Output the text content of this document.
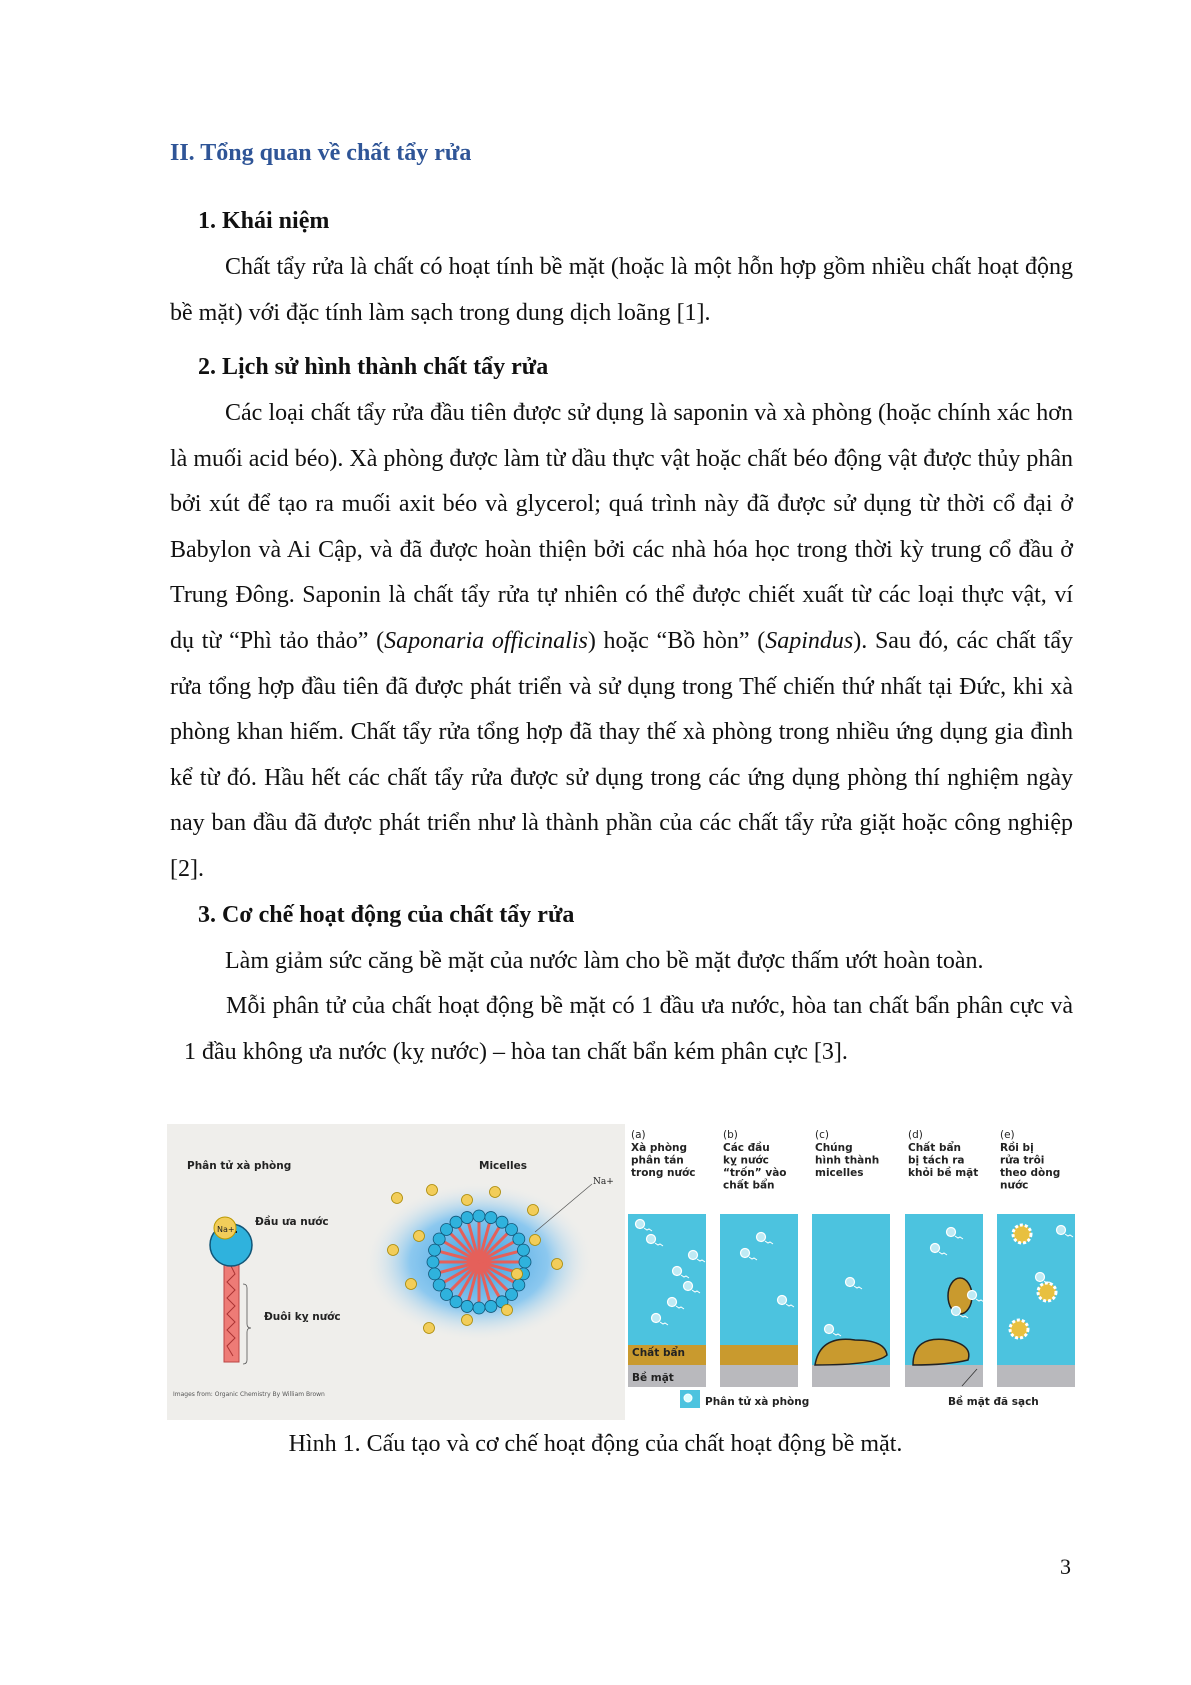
II. Tổng quan về chất tẩy rửa
1. Khái niệm
Chất tẩy rửa là chất có hoạt tính bề mặt (hoặc là một hỗn hợp gồm nhiều chất hoạt động bề mặt) với đặc tính làm sạch trong dung dịch loãng [1].
2. Lịch sử hình thành chất tẩy rửa
Các loại chất tẩy rửa đầu tiên được sử dụng là saponin và xà phòng (hoặc chính xác hơn là muối acid béo). Xà phòng được làm từ dầu thực vật hoặc chất béo động vật được thủy phân bởi xút để tạo ra muối axit béo và glycerol; quá trình này đã được sử dụng từ thời cổ đại ở Babylon và Ai Cập, và đã được hoàn thiện bởi các nhà hóa học trong thời kỳ trung cổ đầu ở Trung Đông. Saponin là chất tẩy rửa tự nhiên có thể được chiết xuất từ các loại thực vật, ví dụ từ “Phì tảo thảo” (Saponaria officinalis) hoặc “Bồ hòn” (Sapindus). Sau đó, các chất tẩy rửa tổng hợp đầu tiên đã được phát triển và sử dụng trong Thế chiến thứ nhất tại Đức, khi xà phòng khan hiếm. Chất tẩy rửa tổng hợp đã thay thế xà phòng trong nhiều ứng dụng gia đình kể từ đó. Hầu hết các chất tẩy rửa được sử dụng trong các ứng dụng phòng thí nghiệm ngày nay ban đầu đã được phát triển như là thành phần của các chất tẩy rửa giặt hoặc công nghiệp [2].
3. Cơ chế hoạt động của chất tẩy rửa
Làm giảm sức căng bề mặt của nước làm cho bề mặt được thấm ướt hoàn toàn.
Mỗi phân tử của chất hoạt động bề mặt có 1 đầu ưa nước, hòa tan chất bẩn phân cực và 1 đầu không ưa nước (kỵ nước) – hòa tan chất bẩn kém phân cực [3].
Phân tử xà phòng	Micelles
Na+
Đầu ưa nước
Đuôi kỵ nước
Images from: Organic Chemistry By William Brown
Na+
(a)
Xà phòng
phân tán
trong nước
(b)
Các đầu
kỵ nước
“trốn” vào
chất bẩn
(c)
Chúng
hình thành
micelles
(d)
Chất bẩn
bị tách ra
khỏi bề mặt
(e)
Rồi bị
rửa trôi
theo dòng
nước
Chất bẩn
Bề mặt
Phân tử xà phòng	Bề mặt đã sạch
Hình 1. Cấu tạo và cơ chế hoạt động của chất hoạt động bề mặt.
3
